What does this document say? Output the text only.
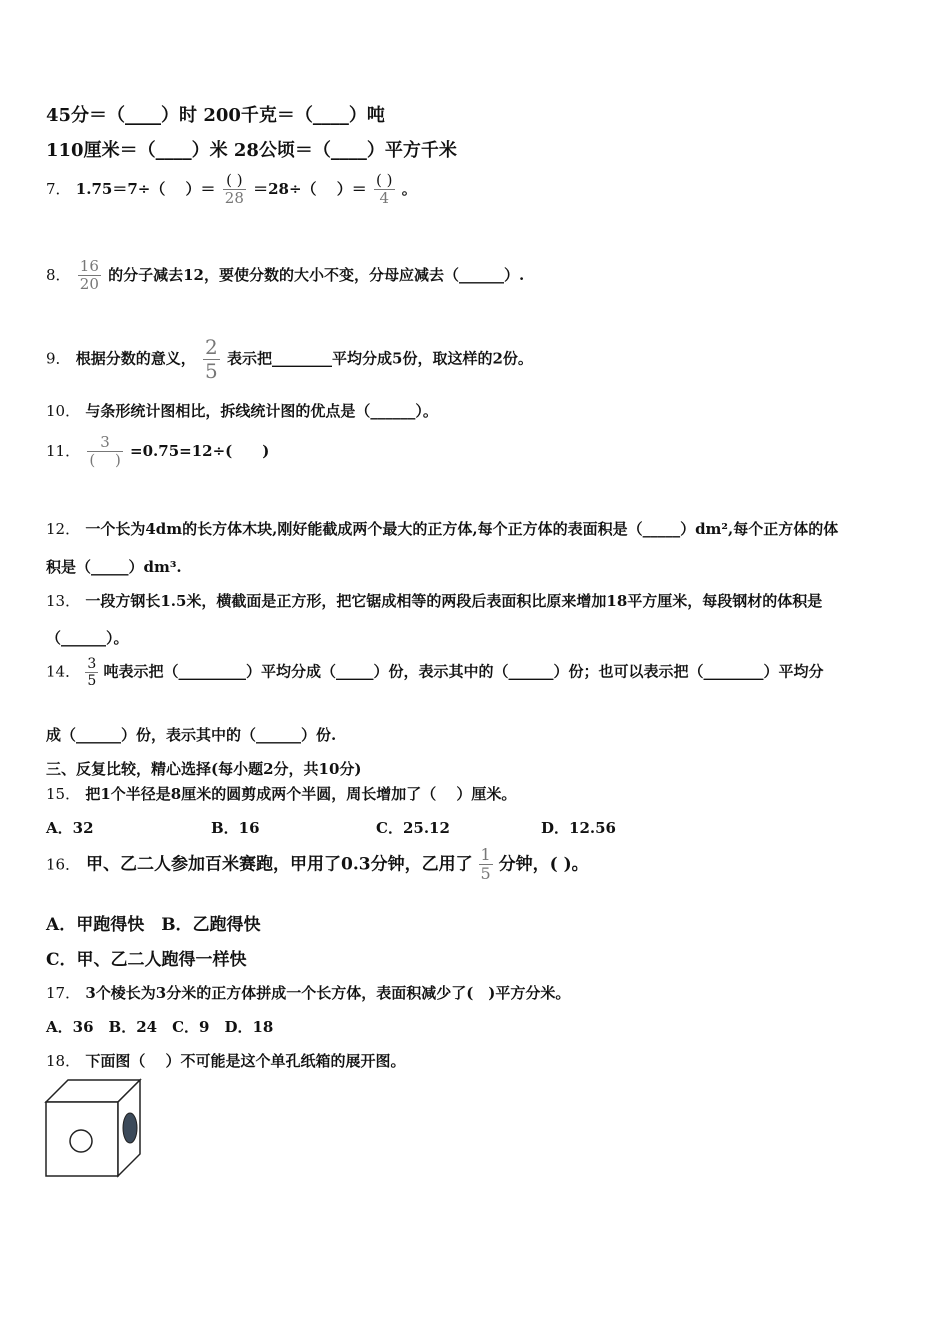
45分＝（____）时 200千克＝（____）吨
110厘米＝（____）米 28公顷＝（____）平方千米
7． 1.75＝7÷（　 ）＝ $\frac{( )}{28} =28\div$（　 ）＝ $\frac{( )}{4}$ 。
8． $\frac{16}{20}$ 的分子减去12，要使分数的大小不变，分母应减去（______）.
9． 根据分数的意义， $\frac{2}{5}$ 表示把________平均分成5份，取这样的2份。
10． 与条形统计图相比，拆线统计图的优点是（______）。
11． $\frac{3}{( )} =0.75=12\div$(　　)
12． 一个长为4dm的长方体木块,刚好能截成两个最大的正方体,每个正方体的表面积是（_____）dm²,每个正方体的体
积是（_____）dm³.
13． 一段方钢长1.5米，横截面是正方形，把它锯成相等的两段后表面积比原来增加18平方厘米，每段钢材的体积是
（______）。
14． $\frac{3}{5}$ 吨表示把（_________）平均分成（_____）份，表示其中的（______）份；也可以表示把（________）平均分
成（______）份，表示其中的（______）份.
三、反复比较，精心选择(每小题2分，共10分)
15． 把1个半径是8厘米的圆剪成两个半圆，周长增加了（　 ）厘米。
A．32	B．16	C．25.12	D．12.56
16． 甲、乙二人参加百米赛跑，甲用了0.3分钟，乙用了 $\frac{1}{5}$ 分钟，( )。
A．甲跑得快　B．乙跑得快
C．甲、乙二人跑得一样快
17． 3个棱长为3分米的正方体拼成一个长方体，表面积减少了(　)平方分米。
A．36　B．24　C．9　D．18
18． 下面图（　 ）不可能是这个单孔纸箱的展开图。
